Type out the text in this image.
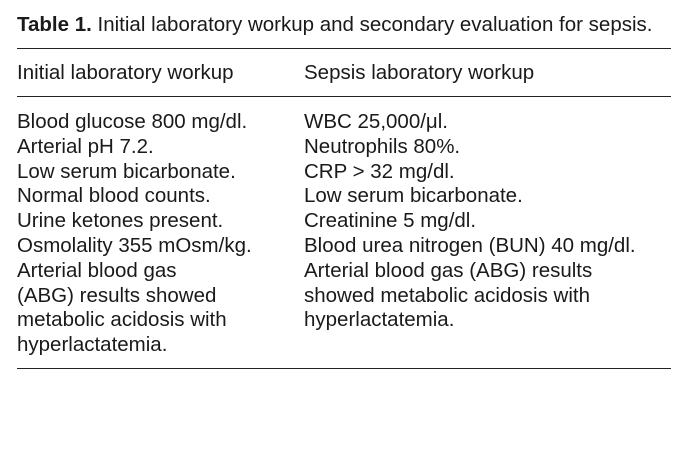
Table 1. Initial laboratory workup and secondary evaluation for sepsis.

Initial laboratory workup	Sepsis laboratory workup
Blood glucose 800 mg/dl.
Arterial pH 7.2.
Low serum bicarbonate.
Normal blood counts.
Urine ketones present.
Osmolality 355 mOsm/kg.
Arterial blood gas
(ABG) results showed
metabolic acidosis with
hyperlactatemia.
WBC 25,000/μl.
Neutrophils 80%.
CRP > 32 mg/dl.
Low serum bicarbonate.
Creatinine 5 mg/dl.
Blood urea nitrogen (BUN) 40 mg/dl.
Arterial blood gas (ABG) results
showed metabolic acidosis with
hyperlactatemia.
